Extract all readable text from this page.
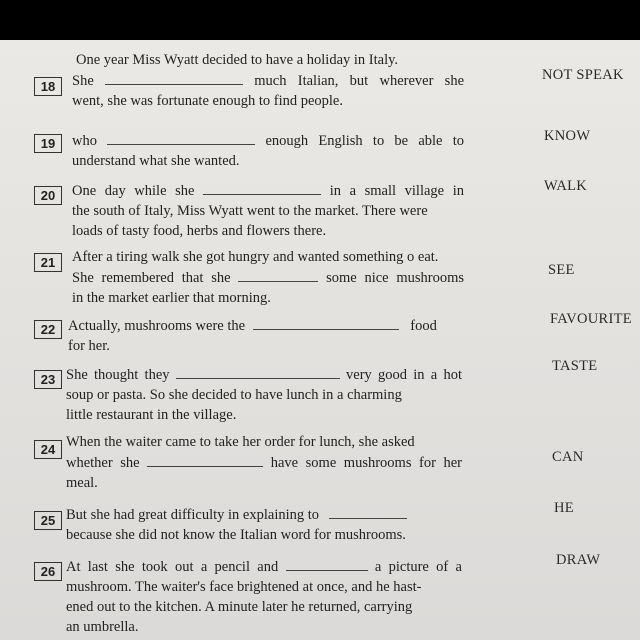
18
One year Miss Wyatt decided to have a holiday in Italy.
She	much Italian, but wherever she
went, she was fortunate enough to find people.
NOT SPEAK
19	who	enough English to be able to
understand what she wanted.
KNOW
20	One day while she	in a small village in
the south of Italy, Miss Wyatt went to the market. There were
loads of tasty food, herbs and flowers there.
WALK
21	After a tiring walk she got hungry and wanted something o eat.
She remembered that she	some nice mushrooms
in the market earlier that morning.
SEE
22 Actually, mushrooms were the	food
for her.
FAVOURITE
23 She thought they	very good in a hot
soup or pasta. So she decided to have lunch in a charming
little restaurant in the village.
TASTE
24 When the waiter came to take her order for lunch, she asked
whether she	have some mushrooms for her
meal.
CAN
25 But she had great difficulty in explaining to
because she did not know the Italian word for mushrooms.
HE
26 At last she took out a pencil and	a picture of a
mushroom. The waiter's face brightened at once, and he hast-
ened out to the kitchen. A minute later he returned, carrying
an umbrella.
DRAW
